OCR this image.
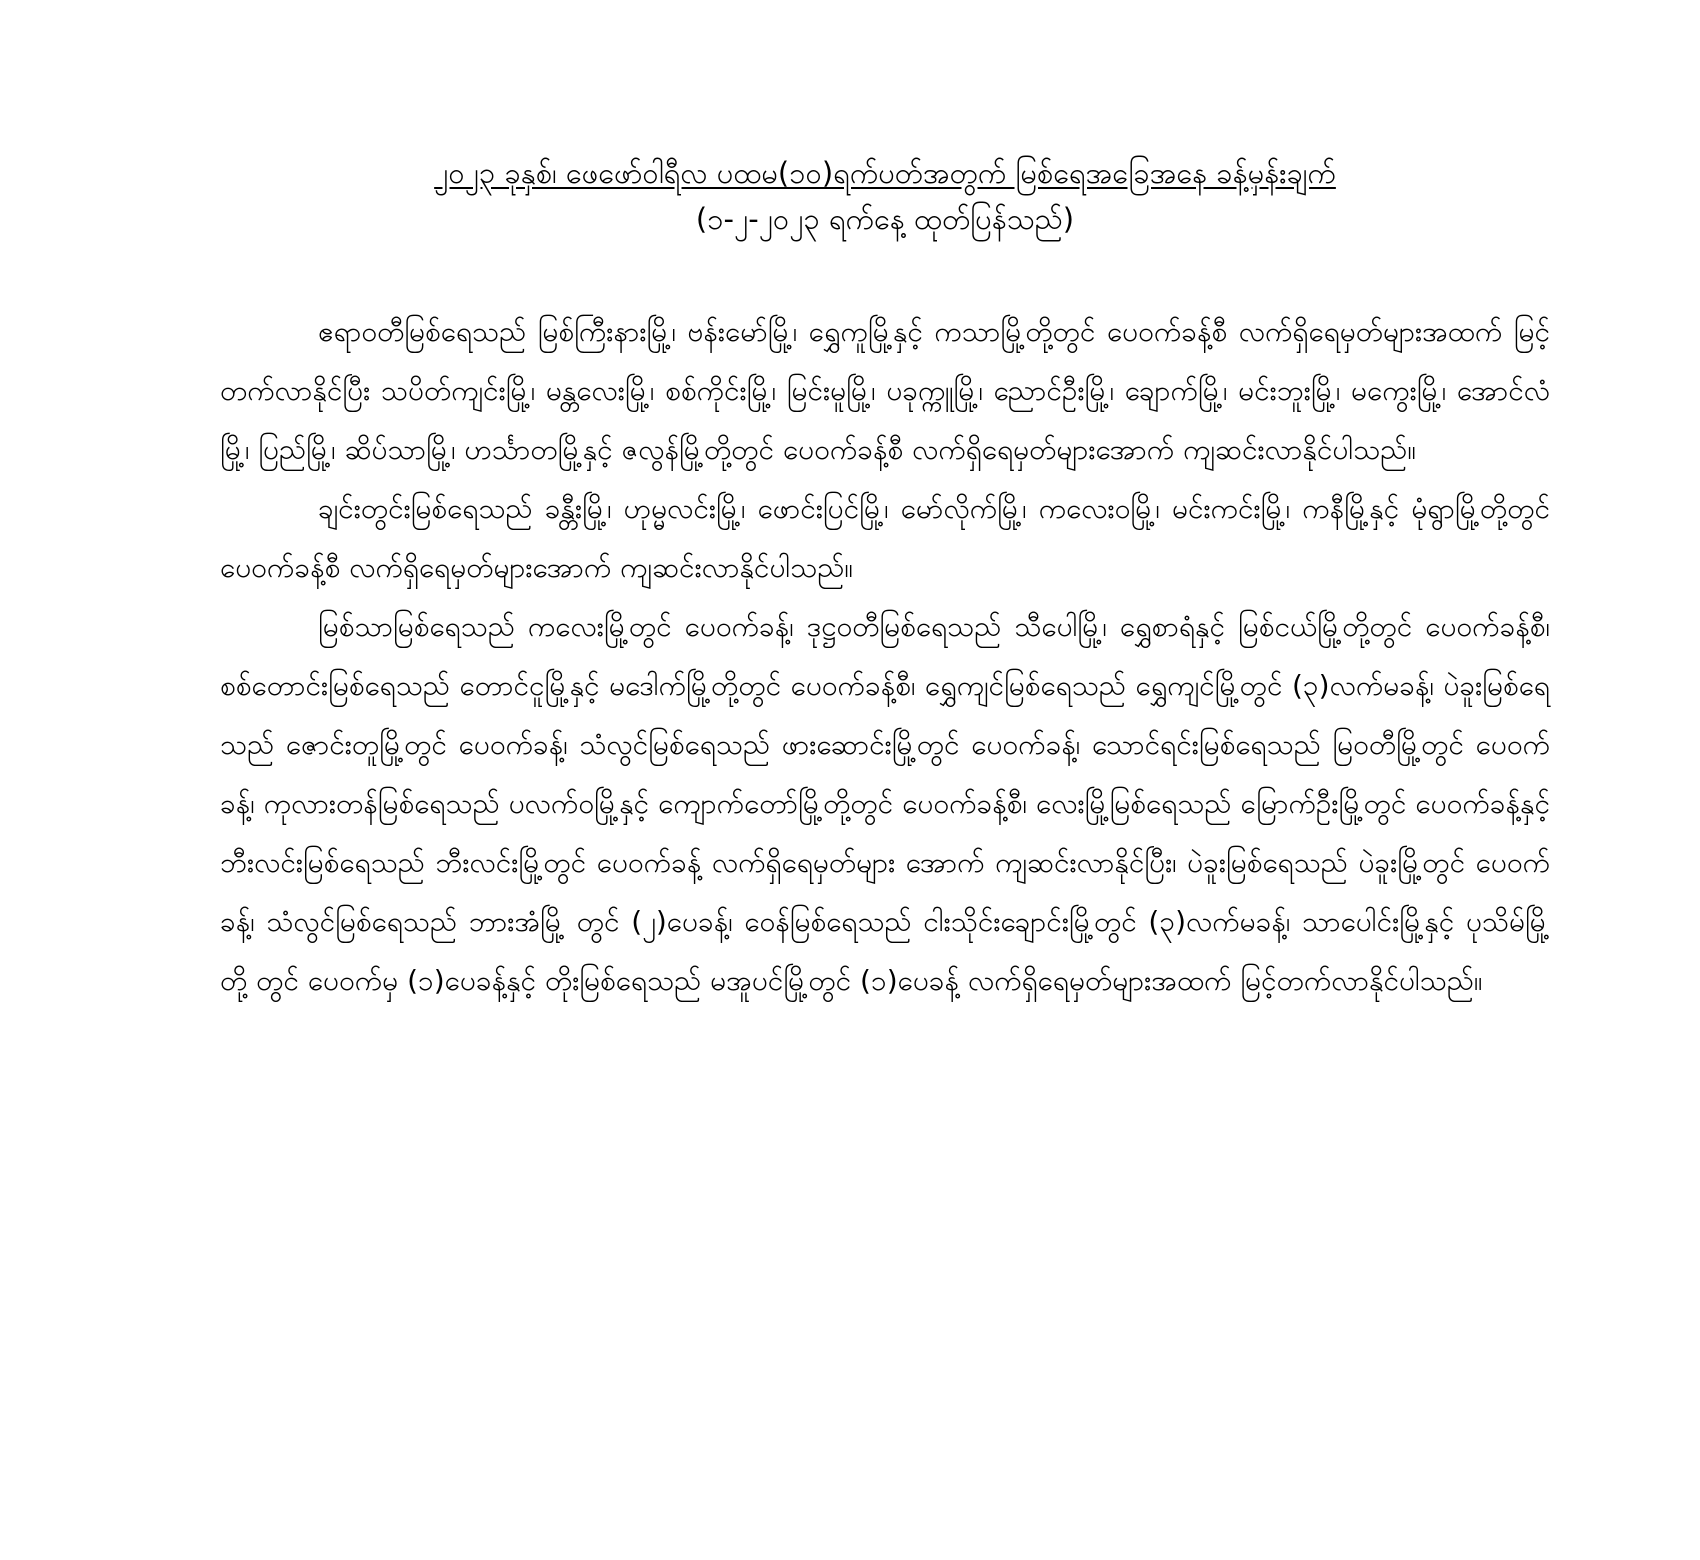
၂၀၂၃ ခုနှစ်၊ ဖေဖော်ဝါရီလ ပထမ(၁၀)ရက်ပတ်အတွက် မြစ်ရေအခြေအနေ ခန့်မှန်းချက်
(၁-၂-၂၀၂၃ ရက်နေ့ ထုတ်ပြန်သည်)

ဧရာဝတီမြစ်ရေသည် မြစ်ကြီးနားမြို့၊ ဗန်းမော်မြို့၊ ရွှေကူမြို့နှင့် ကသာမြို့တို့တွင် ပေ၀က်ခန့်စီ လက်ရှိရေမှတ်များအထက် မြင့်တက်လာနိုင်ပြီး သပိတ်ကျင်းမြို့၊ မန္တလေးမြို့၊ စစ်ကိုင်းမြို့၊ မြင်းမူမြို့၊ ပခုက္ကူမြို့၊ ညောင်ဦးမြို့၊ ချောက်မြို့၊ မင်းဘူးမြို့၊ မကွေးမြို့၊ အောင်လံမြို့၊ ပြည်မြို့၊ ဆိပ်သာမြို့၊ ဟင်္သာတမြို့နှင့် ဇလွန်မြို့တို့တွင် ပေ၀က်ခန့်စီ လက်ရှိရေမှတ်များအောက် ကျဆင်းလာနိုင်ပါသည်။

ချင်းတွင်းမြစ်ရေသည် ခန္တီးမြို့၊ ဟုမ္မလင်းမြို့၊ ဖောင်းပြင်မြို့၊ မော်လိုက်မြို့၊ ကလေးဝမြို့၊ မင်းကင်းမြို့၊ ကနီမြို့နှင့် မုံရွာမြို့တို့တွင် ပေ၀က်ခန့်စီ လက်ရှိရေမှတ်များအောက် ကျဆင်းလာနိုင်ပါသည်။

မြစ်သာမြစ်ရေသည် ကလေးမြို့တွင် ပေ၀က်ခန့်၊ ဒုဋ္ဌဝတီမြစ်ရေသည် သီပေါမြို့၊ ရွှေစာရံနှင့် မြစ်ငယ်မြို့တို့တွင် ပေ၀က်ခန့်စီ၊ စစ်တောင်းမြစ်ရေသည် တောင်ငူမြို့နှင့် မဒေါက်မြို့တို့တွင် ပေ၀က်ခန့်စီ၊ ရွှေကျင်မြစ်ရေသည် ရွှေကျင်မြို့တွင် (၃)လက်မခန့်၊ ပဲခူးမြစ်ရေသည် ဇောင်းတူမြို့တွင် ပေ၀က်ခန့်၊ သံလွင်မြစ်ရေသည် ဖားဆောင်းမြို့တွင် ပေ၀က်ခန့်၊ သောင်ရင်းမြစ်ရေသည် မြဝတီမြို့တွင် ပေ၀က်ခန့်၊ ကုလားတန်မြစ်ရေသည် ပလက်ဝမြို့နှင့် ကျောက်တော်မြို့တို့တွင် ပေ၀က်ခန့်စီ၊ လေးမြို့မြစ်ရေသည် မြောက်ဦးမြို့တွင် ပေ၀က်ခန့်နှင့် ဘီးလင်းမြစ်ရေသည် ဘီးလင်းမြို့တွင် ပေ၀က်ခန့် လက်ရှိရေမှတ်များ အောက် ကျဆင်းလာနိုင်ပြီး၊ ပဲခူးမြစ်ရေသည် ပဲခူးမြို့တွင် ပေ၀က်ခန့်၊ သံလွင်မြစ်ရေသည် ဘားအံမြို့ တွင် (၂)ပေခန့်၊ ဝေန်မြစ်ရေသည် ငါးသိုင်းချောင်းမြို့တွင် (၃)လက်မခန့်၊ သာပေါင်းမြို့နှင့် ပုသိမ်မြို့တို့ တွင် ပေ၀က်မှ (၁)ပေခန့်နှင့် တိုးမြစ်ရေသည် မအူပင်မြို့တွင် (၁)ပေခန့် လက်ရှိရေမှတ်များအထက် မြင့်တက်လာနိုင်ပါသည်။
